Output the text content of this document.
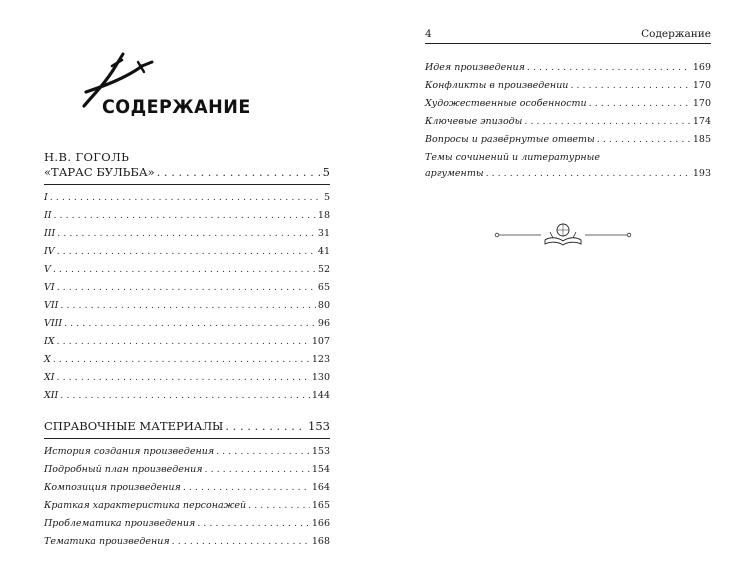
СОДЕРЖАНИЕ
Н.В. ГОГОЛЬ
«ТАРАС БУЛЬБА» . . .	5
I . . .	5
II . . .	18
III . . .	31
IV . . .	41
V . . .	52
VI . . .	65
VII . . .	80
VIII . . .	96
IX . . .	107
X . . .	123
XI . . .	130
XII . . .	144
СПРАВОЧНЫЕ МАТЕРИАЛЫ . . .	153
История создания произведения . . .	153
Подробный план произведения . . .	154
Композиция произведения . . .	164
Краткая характеристика персонажей . . .	165
Проблематика произведения . . .	166
Тематика произведения . . .	168
4	Содержание
Идея произведения . . .	169
Конфликты в произведении . . .	170
Художественные особенности . . .	170
Ключевые эпизоды . . .	174
Вопросы и развёрнутые ответы . . .	185
Темы сочинений и литературные
аргументы . . .	193
